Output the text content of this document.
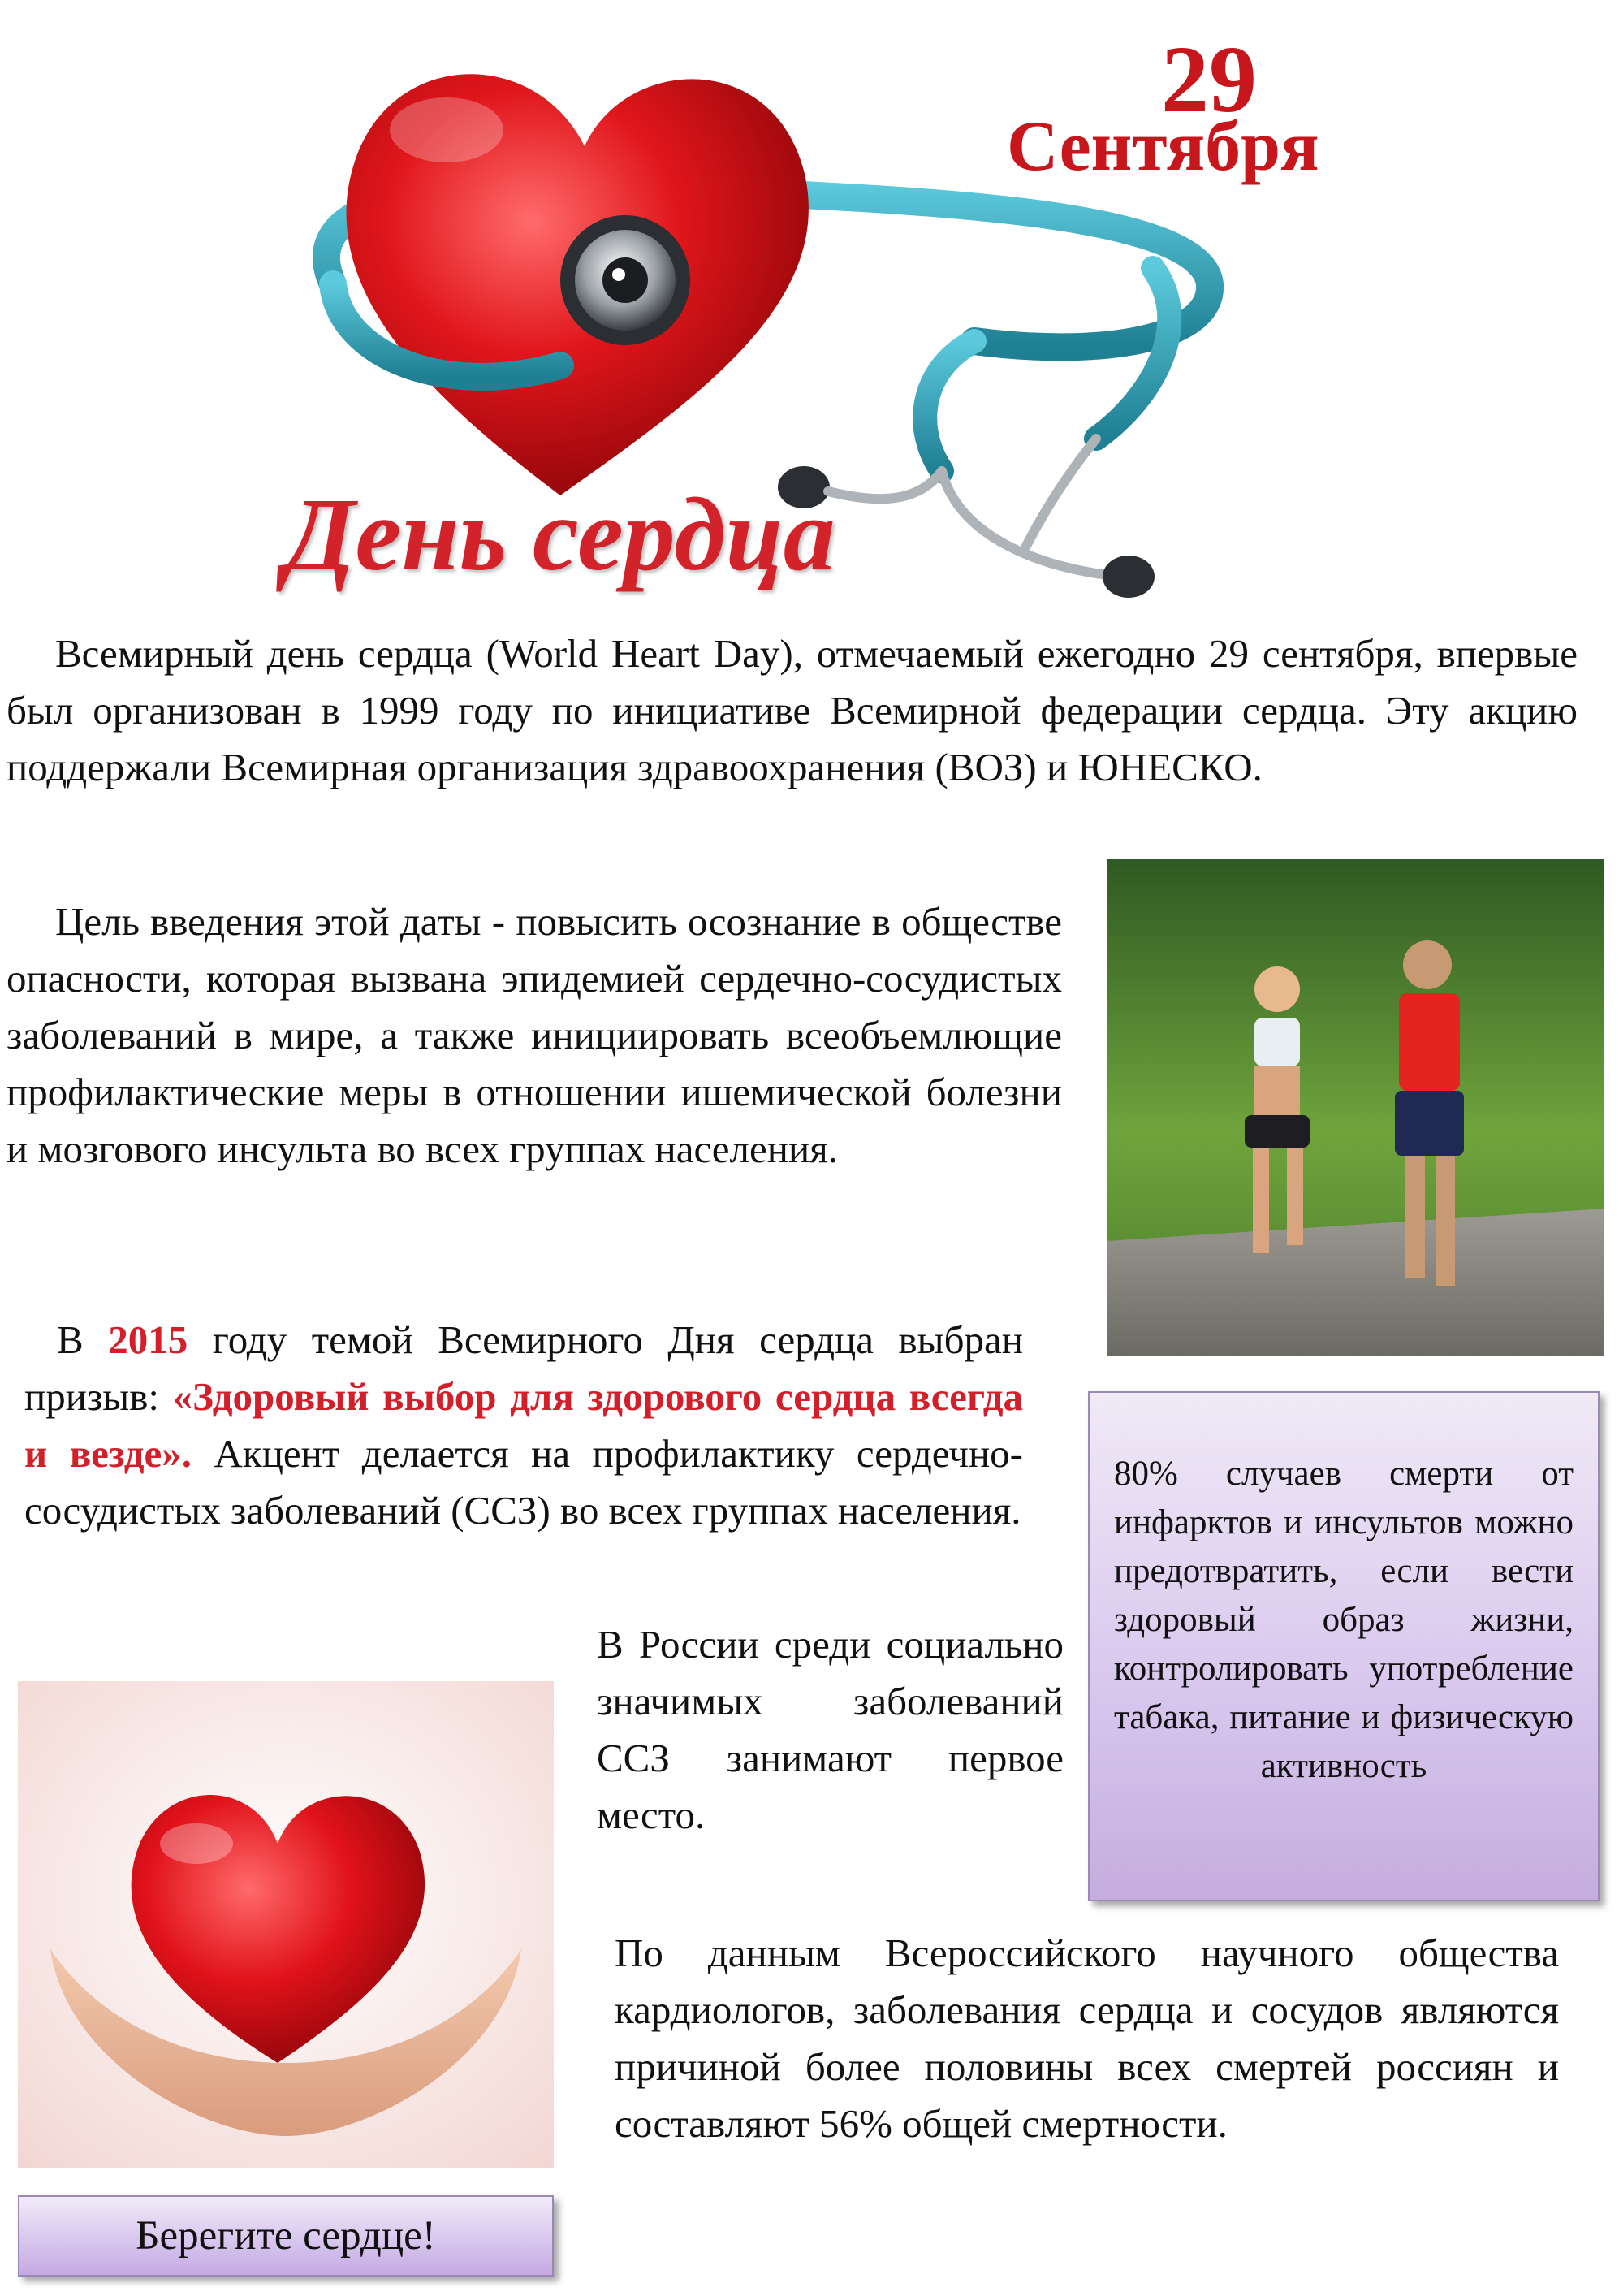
29
Сентября
День сердца

Всемирный день сердца (World Heart Day), отмечаемый ежегодно 29 сентября, впервые был организован в 1999 году по инициативе Всемирной федерации сердца. Эту акцию поддержали Всемирная организация здравоохранения (ВОЗ) и ЮНЕСКО.

Цель введения этой даты - повысить осознание в обществе опасности, которая вызвана эпидемией сердечно-сосудистых заболеваний в мире, а также инициировать всеобъемлющие профилактические меры в отношении ишемической болезни и мозгового инсульта во всех группах населения.

В 2015 году темой Всемирного Дня сердца выбран призыв: «Здоровый выбор для здорового сердца всегда и везде». Акцент делается на профилактику сердечно-сосудистых заболеваний (ССЗ) во всех группах населения.

80% случаев смерти от инфарктов и инсультов можно предотвратить, если вести здоровый образ жизни, контролировать употребление табака, питание и физическую активность

В России среди социально значимых заболеваний ССЗ занимают первое место.

По данным Всероссийского научного общества кардиологов, заболевания сердца и сосудов являются причиной более половины всех смертей россиян и составляют 56% общей смертности.

Берегите сердце!
